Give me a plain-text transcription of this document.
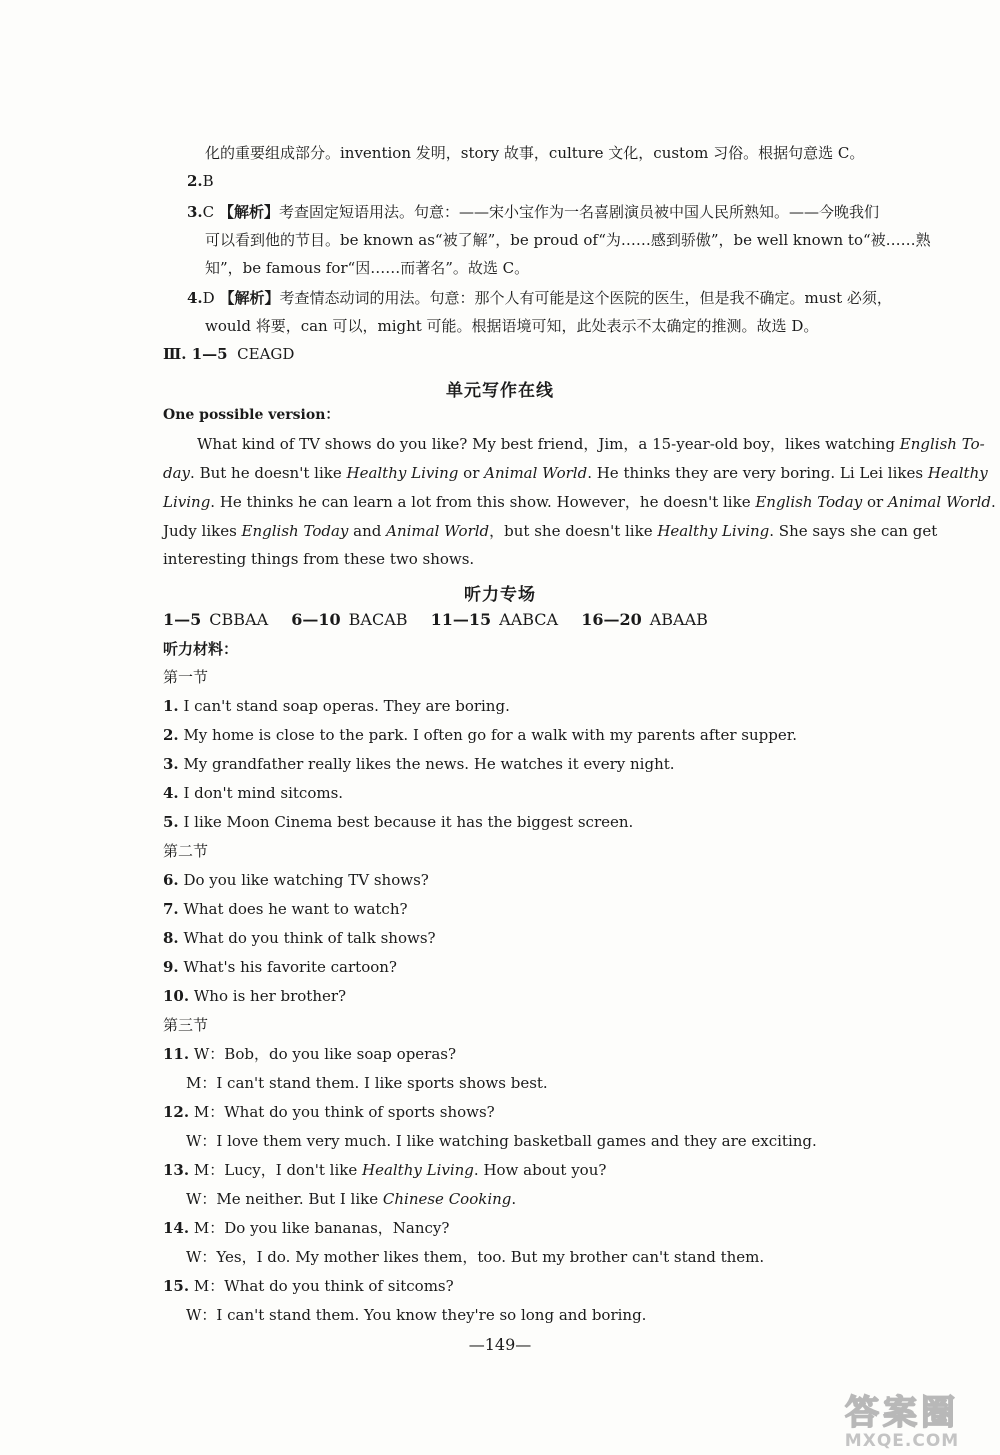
化的重要组成部分。invention 发明，story 故事，culture 文化，custom 习俗。根据句意选 C。
2.B
3.C 【解析】考查固定短语用法。句意：——宋小宝作为一名喜剧演员被中国人民所熟知。——今晚我们
可以看到他的节目。be known as“被了解”，be proud of“为……感到骄傲”，be well known to“被……熟
知”，be famous for“因……而著名”。故选 C。
4.D 【解析】考查情态动词的用法。句意：那个人有可能是这个医院的医生，但是我不确定。must 必须，
would 将要，can 可以，might 可能。根据语境可知，此处表示不太确定的推测。故选 D。
Ⅲ. 1—5 CEAGD
单元写作在线
One possible version：
What kind of TV shows do you like? My best friend，Jim，a 15-year-old boy，likes watching English To-
day. But he doesn't like Healthy Living or Animal World. He thinks they are very boring. Li Lei likes Healthy
Living. He thinks he can learn a lot from this show. However，he doesn't like English Today or Animal World.
Judy likes English Today and Animal World，but she doesn't like Healthy Living. She says she can get
interesting things from these two shows.
听力专场
1—5 CBBAA 6—10 BACAB 11—15 AABCA 16—20 ABAAB
听力材料：
第一节
1. I can't stand soap operas. They are boring.
2. My home is close to the park. I often go for a walk with my parents after supper.
3. My grandfather really likes the news. He watches it every night.
4. I don't mind sitcoms.
5. I like Moon Cinema best because it has the biggest screen.
第二节
6. Do you like watching TV shows?
7. What does he want to watch?
8. What do you think of talk shows?
9. What's his favorite cartoon?
10. Who is her brother?
第三节
11. W：Bob，do you like soap operas?
M：I can't stand them. I like sports shows best.
12. M：What do you think of sports shows?
W：I love them very much. I like watching basketball games and they are exciting.
13. M：Lucy，I don't like Healthy Living. How about you?
W：Me neither. But I like Chinese Cooking.
14. M：Do you like bananas，Nancy?
W：Yes，I do. My mother likes them，too. But my brother can't stand them.
15. M：What do you think of sitcoms?
W：I can't stand them. You know they're so long and boring.
—149—
答案圈
MXQE.COM
